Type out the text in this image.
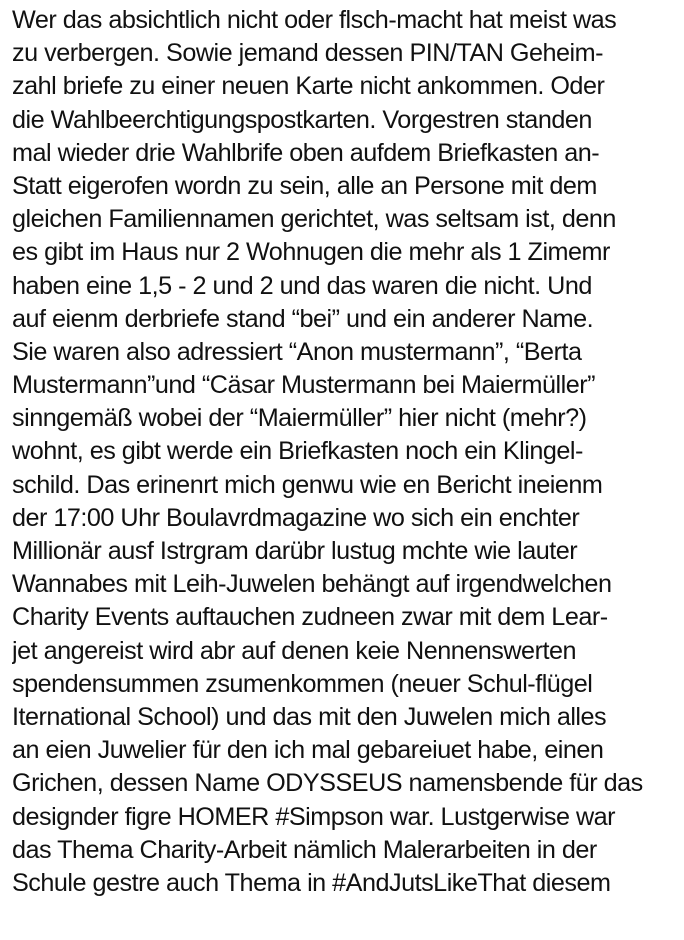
Wer das absichtlich nicht oder flsch-macht hat meist was
zu verbergen. Sowie jemand dessen PIN/TAN Geheim-
zahl briefe zu einer neuen Karte nicht ankommen. Oder
die Wahlbeerchtigungspostkarten. Vorgestren standen
mal wieder drie Wahlbrife oben aufdem Briefkasten an-
Statt eigerofen wordn zu sein, alle an Persone mit dem
gleichen Familiennamen gerichtet, was seltsam ist, denn
es gibt im Haus nur 2 Wohnugen die mehr als 1 Zimemr
haben eine 1,5 - 2 und 2 und das waren die nicht. Und
auf eienm derbriefe stand “bei” und ein anderer Name.
Sie waren also adressiert “Anon mustermann”, “Berta
Mustermann”und “Cäsar Mustermann bei Maiermüller”
sinngemäß wobei der “Maiermüller” hier nicht (mehr?)
wohnt, es gibt werde ein Briefkasten noch ein Klingel-
schild. Das erinenrt mich genwu wie en Bericht ineienm
der 17:00 Uhr Boulavrdmagazine wo sich ein enchter
Millionär ausf Istrgram darübr lustug mchte wie lauter
Wannabes mit Leih-Juwelen behängt auf irgendwelchen
Charity Events auftauchen zudneen zwar mit dem Lear-
jet angereist wird abr auf denen keie Nennenswerten
spendensummen zsumenkommen (neuer Schul-flügel
Iternational School) und das mit den Juwelen mich alles
an eien Juwelier für den ich mal gebareiuet habe, einen
Grichen, dessen Name ODYSSEUS namensbende für das
designder figre HOMER #Simpson war. Lustgerwise war
das Thema Charity-Arbeit nämlich Malerarbeiten in der
Schule gestre auch Thema in #AndJutsLikeThat diesem
